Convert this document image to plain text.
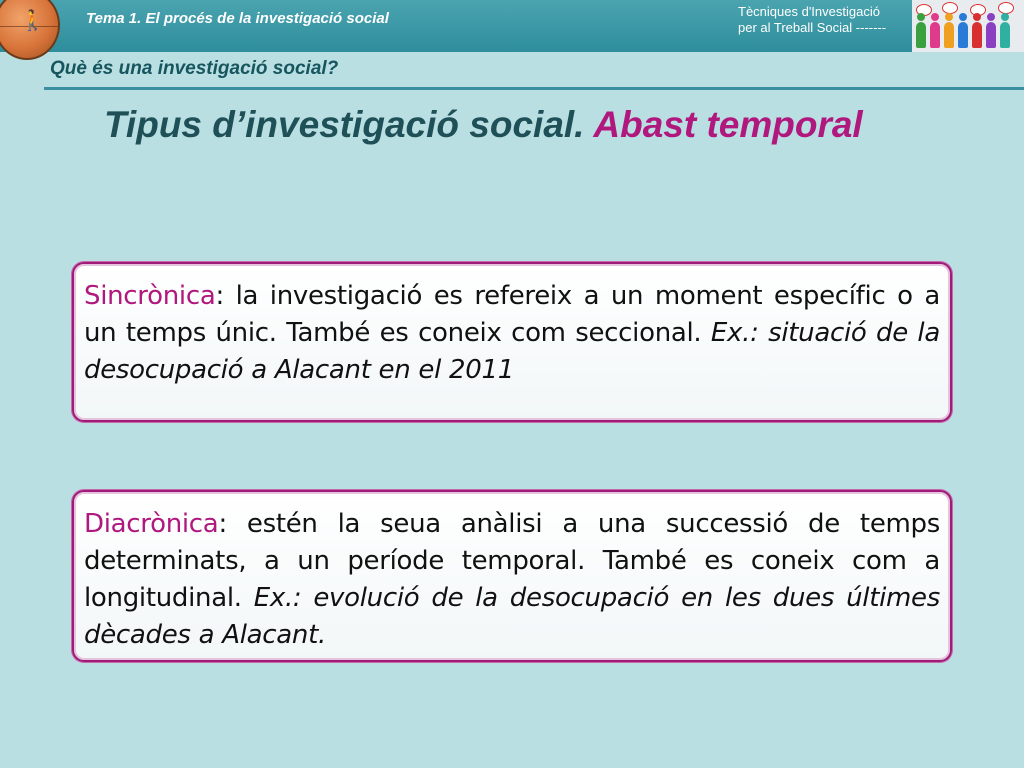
🚶	Tema 1. El procés de la investigació social	Tècniques d'Investigació
per al Treball Social -------
Què és una investigació social?
Tipus d’investigació social. Abast temporal
Sincrònica: la investigació es refereix a un moment específic o a un temps únic. També es coneix com seccional. Ex.: situació de la desocupació a Alacant en el 2011
Diacrònica: estén la seua anàlisi a una successió de temps determinats, a un període temporal. També es coneix com a longitudinal. Ex.: evolució de la desocupació en les dues últimes dècades a Alacant.
